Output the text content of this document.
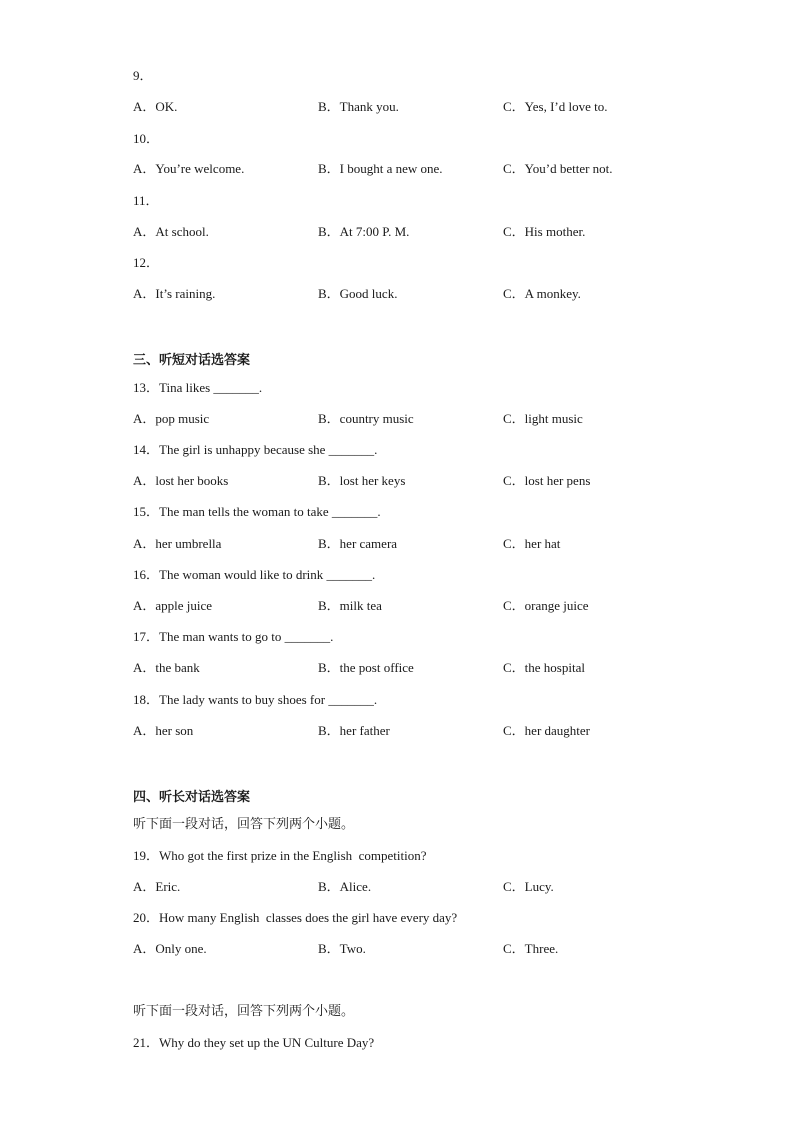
9．
A．OK.	B．Thank you.	C．Yes, I’d love to.
10．
A．You’re welcome.	B．I bought a new one.	C．You’d better not.
11．
A．At school.	B．At 7:00 P. M.	C．His mother.
12．
A．It’s raining.	B．Good luck.	C．A monkey.
三、听短对话选答案
13．Tina likes _______.
A．pop music	B．country music	C．light music
14．The girl is unhappy because she _______.
A．lost her books	B．lost her keys	C．lost her pens
15．The man tells the woman to take _______.
A．her umbrella	B．her camera	C．her hat
16．The woman would like to drink _______.
A．apple juice	B．milk tea	C．orange juice
17．The man wants to go to _______.
A．the bank	B．the post office	C．the hospital
18．The lady wants to buy shoes for _______.
A．her son	B．her father	C．her daughter
四、听长对话选答案
听下面一段对话，回答下列两个小题。
19．Who got the first prize in the English  competition?
A．Eric.	B．Alice.	C．Lucy.
20．How many English  classes does the girl have every day?
A．Only one.	B．Two.	C．Three.
听下面一段对话，回答下列两个小题。
21．Why do they set up the UN Culture Day?
